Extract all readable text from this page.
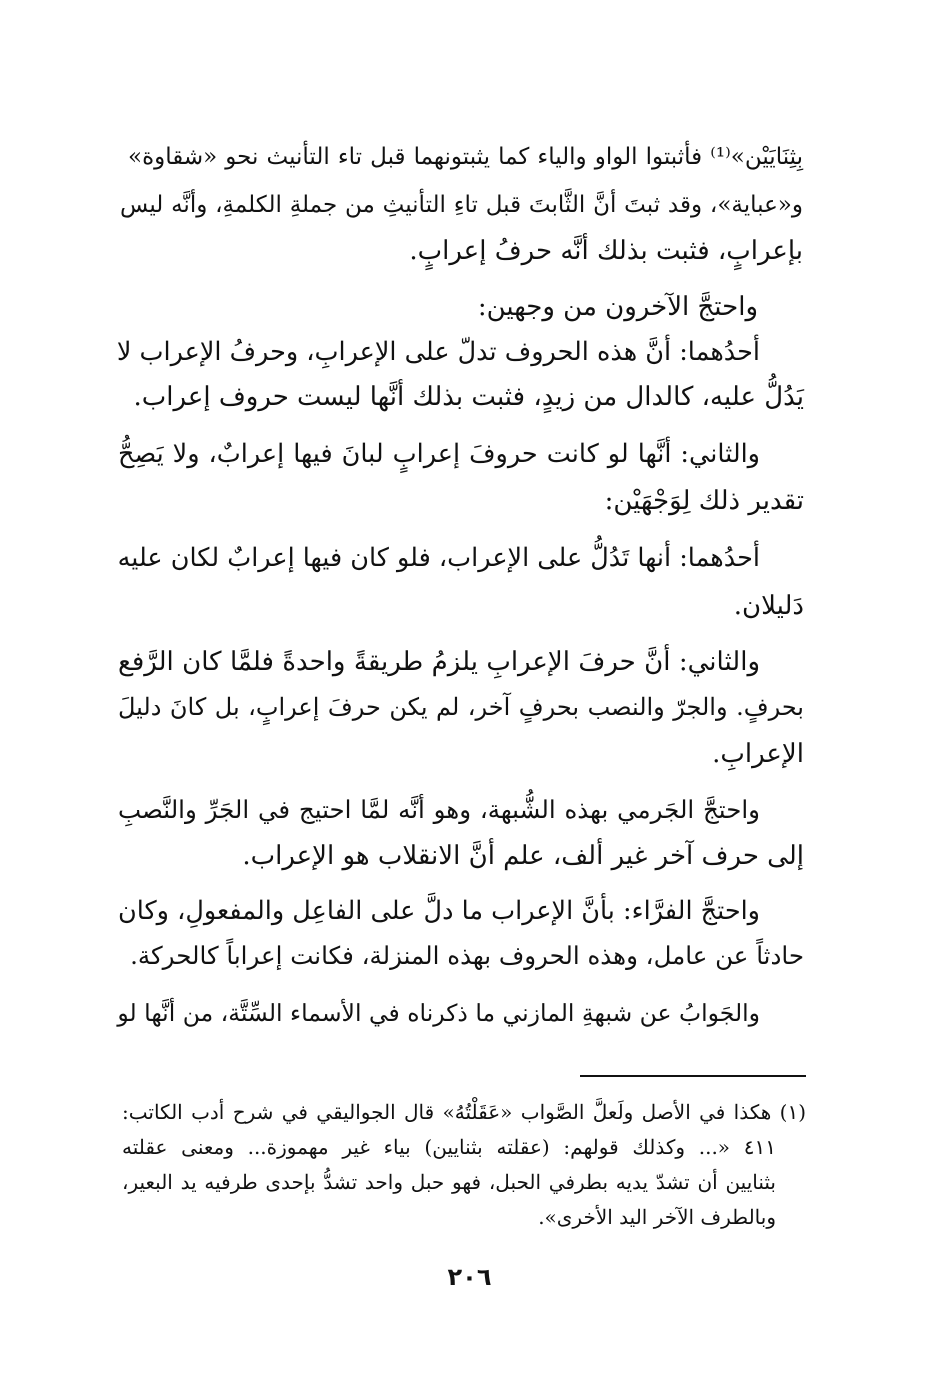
بِثِنَايَيْن»⁽¹⁾ فأثبتوا الواو والياء كما يثبتونهما قبل تاء التأنيث نحو «شقاوة»
و«عباية»، وقد ثبتَ أنَّ الثَّابتَ قبل تاءِ التأنيثِ من جملةِ الكلمةِ، وأنَّه ليس
بإعرابٍ، فثبت بذلك أنَّه حرفُ إعرابٍ.
واحتجَّ الآخرون من وجهين:
أحدُهما: أنَّ هذه الحروف تدلّ على الإعرابِ، وحرفُ الإعراب لا
يَدُلُّ عليه، كالدال من زيدٍ، فثبت بذلك أنَّها ليست حروف إعراب.
والثاني: أنَّها لو كانت حروفَ إعرابٍ لبانَ فيها إعرابٌ، ولا يَصِحُّ
تقدير ذلك لِوَجْهَيْن:
أحدُهما: أنها تَدُلُّ على الإعراب، فلو كان فيها إعرابٌ لكان عليه
دَليلان.
والثاني: أنَّ حرفَ الإعرابِ يلزمُ طريقةً واحدةً فلمَّا كان الرَّفع
بحرفٍ. والجرّ والنصب بحرفٍ آخر، لم يكن حرفَ إعرابٍ، بل كانَ دليلَ
الإعرابِ.
واحتجَّ الجَرمي بهذه الشُّبهة، وهو أنَّه لمَّا احتيج في الجَرِّ والنَّصبِ
إلى حرف آخر غير ألف، علم أنَّ الانقلاب هو الإعراب.
واحتجَّ الفرَّاء: بأنَّ الإعراب ما دلَّ على الفاعِل والمفعولِ، وكان
حادثاً عن عامل، وهذه الحروف بهذه المنزلة، فكانت إعراباً كالحركة.
والجَوابُ عن شبهةِ المازني ما ذكرناه في الأسماء السِّتَّة، من أنَّها لو
(١) هكذا في الأصل ولَعلَّ الصَّواب «عَقَلْتُهُ» قال الجواليقي في شرح أدب الكاتب:
٤١١ «... وكذلك قولهم: (عقلته بثنايين) بياء غير مهموزة... ومعنى عقلته
بثنايين أن تشدّ يديه بطرفي الحبل، فهو حبل واحد تشدُّ بإحدى طرفيه يد البعير،
وبالطرف الآخر اليد الأخرى».
٢٠٦
